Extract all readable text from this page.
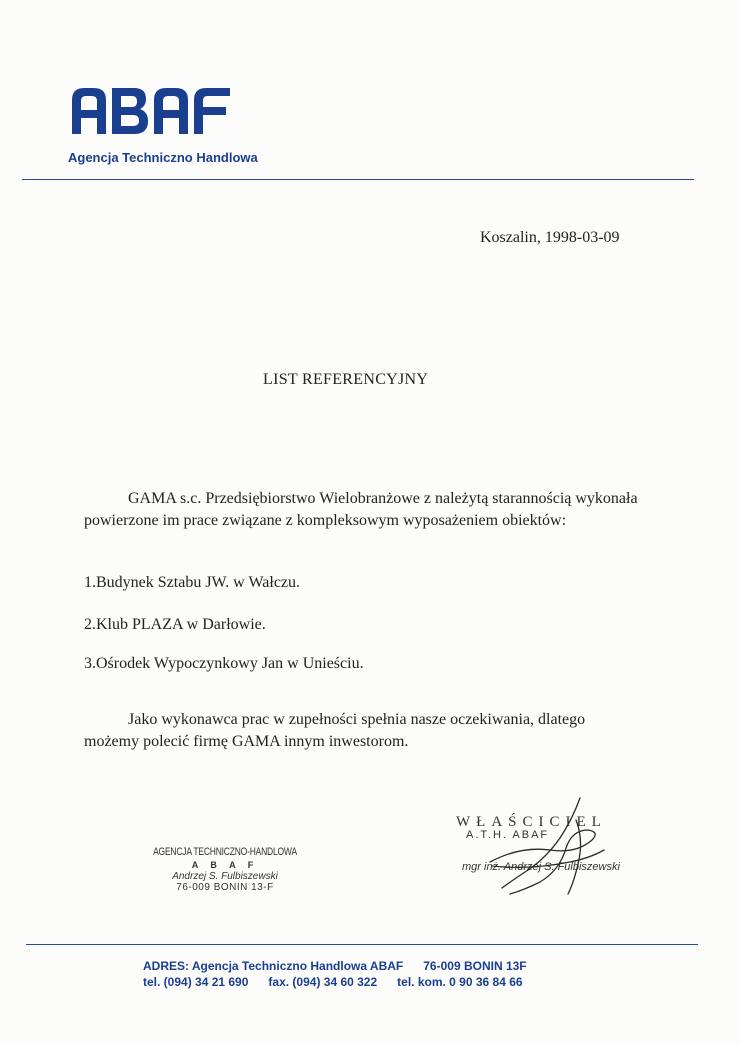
Agencja Techniczno Handlowa
Koszalin, 1998-03-09
LIST REFERENCYJNY
GAMA s.c. Przedsiębiorstwo Wielobranżowe z należytą starannością wykonała powierzone im prace związane z kompleksowym wyposażeniem obiektów:
1.Budynek Sztabu JW. w Wałczu.
2.Klub PLAZA w Darłowie.
3.Ośrodek Wypoczynkowy Jan w Unieściu.
Jako wykonawca prac w zupełności spełnia nasze oczekiwania, dlatego możemy polecić firmę GAMA innym inwestorom.
AGENCJA TECHNICZNO-HANDLOWA
A B A F
Andrzej S. Fulbiszewski
76-009 BONIN 13-F
WŁAŚCICIEL
A.T.H. ABAF
mgr inż. Andrzej S. Fulbiszewski
ADRES: Agencja Techniczno Handlowa ABAF      76-009 BONIN 13F
tel. (094) 34 21 690      fax. (094) 34 60 322      tel. kom. 0 90 36 84 66
